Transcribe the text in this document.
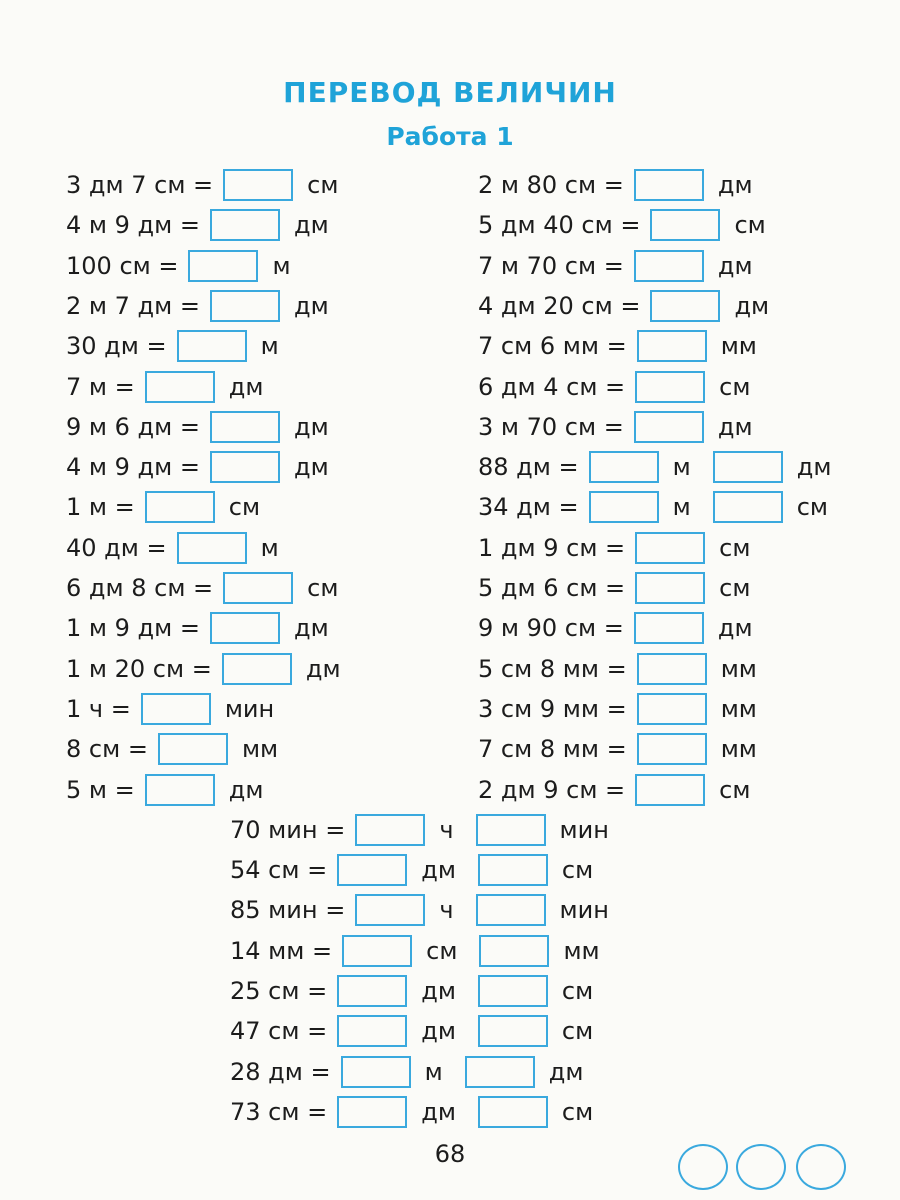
ПЕРЕВОД ВЕЛИЧИН
Работа 1
3 дм 7 см =	см
4 м 9 дм =	дм
100 см =	м
2 м 7 дм =	дм
30 дм =	м
7 м =	дм
9 м 6 дм =	дм
4 м 9 дм =	дм
1 м =	см
40 дм =	м
6 дм 8 см =	см
1 м 9 дм =	дм
1 м 20 см =	дм
1 ч =	мин
8 см =	мм
5 м =	дм
2 м 80 см =	дм
5 дм 40 см =	см
7 м 70 см =	дм
4 дм 20 см =	дм
7 см 6 мм =	мм
6 дм 4 см =	см
3 м 70 см =	дм
88 дм =	м	дм
34 дм =	м	см
1 дм 9 см =	см
5 дм 6 см =	см
9 м 90 см =	дм
5 см 8 мм =	мм
3 см 9 мм =	мм
7 см 8 мм =	мм
2 дм 9 см =	см
70 мин =	ч	мин
54 см =	дм	см
85 мин =	ч	мин
14 мм =	см	мм
25 см =	дм	см
47 см =	дм	см
28 дм =	м	дм
73 см =	дм	см
68
